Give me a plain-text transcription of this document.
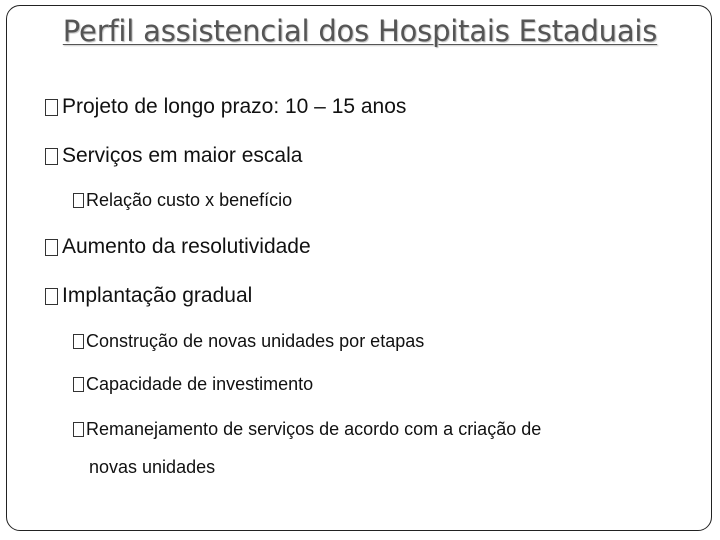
Perfil assistencial dos Hospitais Estaduais
Projeto de longo prazo: 10 – 15 anos
Serviços em maior escala
Relação custo x benefício
Aumento da resolutividade
Implantação gradual
Construção de novas unidades por etapas
Capacidade de investimento
Remanejamento de serviços de acordo com a criação de
novas unidades
